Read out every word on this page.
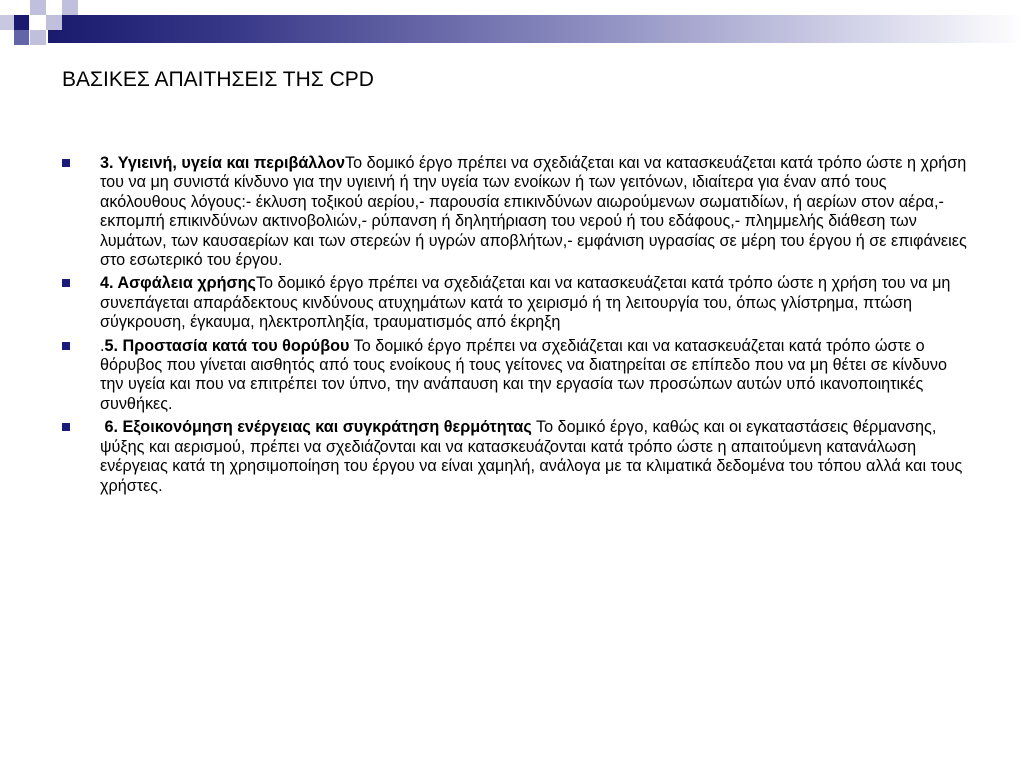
ΒΑΣΙΚΕΣ ΑΠΑΙΤΗΣΕΙΣ ΤΗΣ CPD
3. Υγιεινή, υγεία και περιβάλλονΤο δομικό έργο πρέπει να σχεδιάζεται και να κατασκευάζεται κατά τρόπο ώστε η χρήση του να μη συνιστά κίνδυνο για την υγιεινή ή την υγεία των ενοίκων ή των γειτόνων, ιδιαίτερα για έναν από τους ακόλουθους λόγους:- έκλυση τοξικού αερίου,- παρουσία επικινδύνων αιωρούμενων σωματιδίων, ή αερίων στον αέρα,- εκπομπή επικινδύνων ακτινοβολιών,- ρύπανση ή δηλητήριαση του νερού ή του εδάφους,- πλημμελής διάθεση των λυμάτων, των καυσαερίων και των στερεών ή υγρών αποβλήτων,- εμφάνιση υγρασίας σε μέρη του έργου ή σε επιφάνειες στο εσωτερικό του έργου.
4. Ασφάλεια χρήσηςΤο δομικό έργο πρέπει να σχεδιάζεται και να κατασκευάζεται κατά τρόπο ώστε η χρήση του να μη συνεπάγεται απαράδεκτους κινδύνους ατυχημάτων κατά το χειρισμό ή τη λειτουργία του, όπως γλίστρημα, πτώση σύγκρουση, έγκαυμα, ηλεκτροπληξία, τραυματισμός από έκρηξη
.5. Προστασία κατά του θορύβου Το δομικό έργο πρέπει να σχεδιάζεται και να κατασκευάζεται κατά τρόπο ώστε ο θόρυβος που γίνεται αισθητός από τους ενοίκους ή τους γείτονες να διατηρείται σε επίπεδο που να μη θέτει σε κίνδυνο την υγεία και που να επιτρέπει τον ύπνο, την ανάπαυση και την εργασία των προσώπων αυτών υπό ικανοποιητικές συνθήκες.
6. Εξοικονόμηση ενέργειας και συγκράτηση θερμότητας Το δομικό έργο, καθώς και οι εγκαταστάσεις θέρμανσης, ψύξης και αερισμού, πρέπει να σχεδιάζονται και να κατασκευάζονται κατά τρόπο ώστε η απαιτούμενη κατανάλωση ενέργειας κατά τη χρησιμοποίηση του έργου να είναι χαμηλή, ανάλογα με τα κλιματικά δεδομένα του τόπου αλλά και τους χρήστες.
